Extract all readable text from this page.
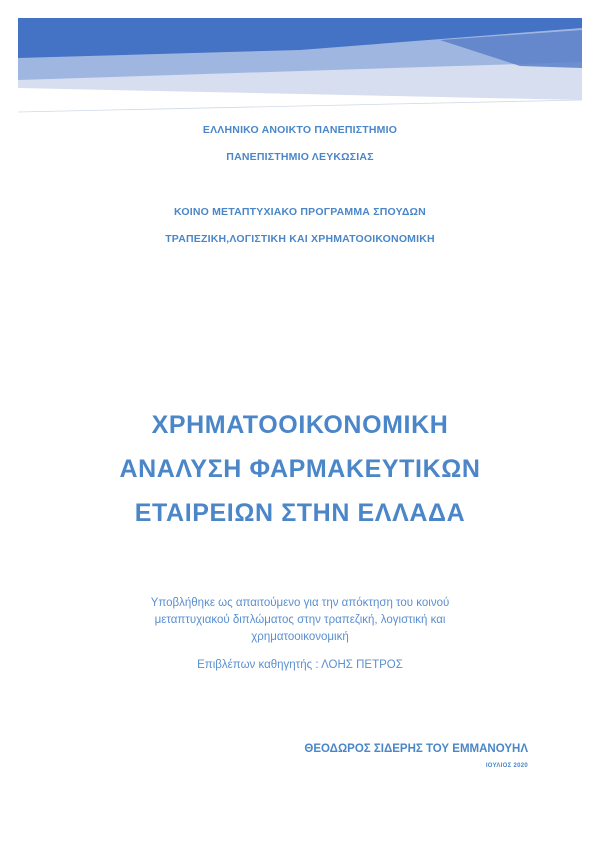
ΕΛΛΗΝΙΚΟ ΑΝΟΙΚΤΟ ΠΑΝΕΠΙΣΤΗΜΙΟ
ΠΑΝΕΠΙΣΤΗΜΙΟ ΛΕΥΚΩΣΙΑΣ
ΚΟΙΝΟ ΜΕΤΑΠΤΥΧΙΑΚΟ ΠΡΟΓΡΑΜΜΑ ΣΠΟΥΔΩΝ
ΤΡΑΠΕΖΙΚΗ,ΛΟΓΙΣΤΙΚΗ ΚΑΙ ΧΡΗΜΑΤΟΟΙΚΟΝΟΜΙΚΗ
ΧΡΗΜΑΤΟΟΙΚΟΝΟΜΙΚΗ
ΑΝΑΛΥΣΗ ΦΑΡΜΑΚΕΥΤΙΚΩΝ
ΕΤΑΙΡΕΙΩΝ ΣΤΗΝ ΕΛΛΑΔΑ
Υποβλήθηκε ως απαιτούμενο για την απόκτηση του κοινού
μεταπτυχιακού διπλώματος στην τραπεζική, λογιστική και
χρηματοοικονομική
Επιβλέπων καθηγητής : ΛΟΗΣ ΠΕΤΡΟΣ
ΘΕΟΔΩΡΟΣ ΣΙΔΕΡΗΣ ΤΟΥ ΕΜΜΑΝΟΥΗΛ
ΙΟΥΛΙΟΣ 2020
